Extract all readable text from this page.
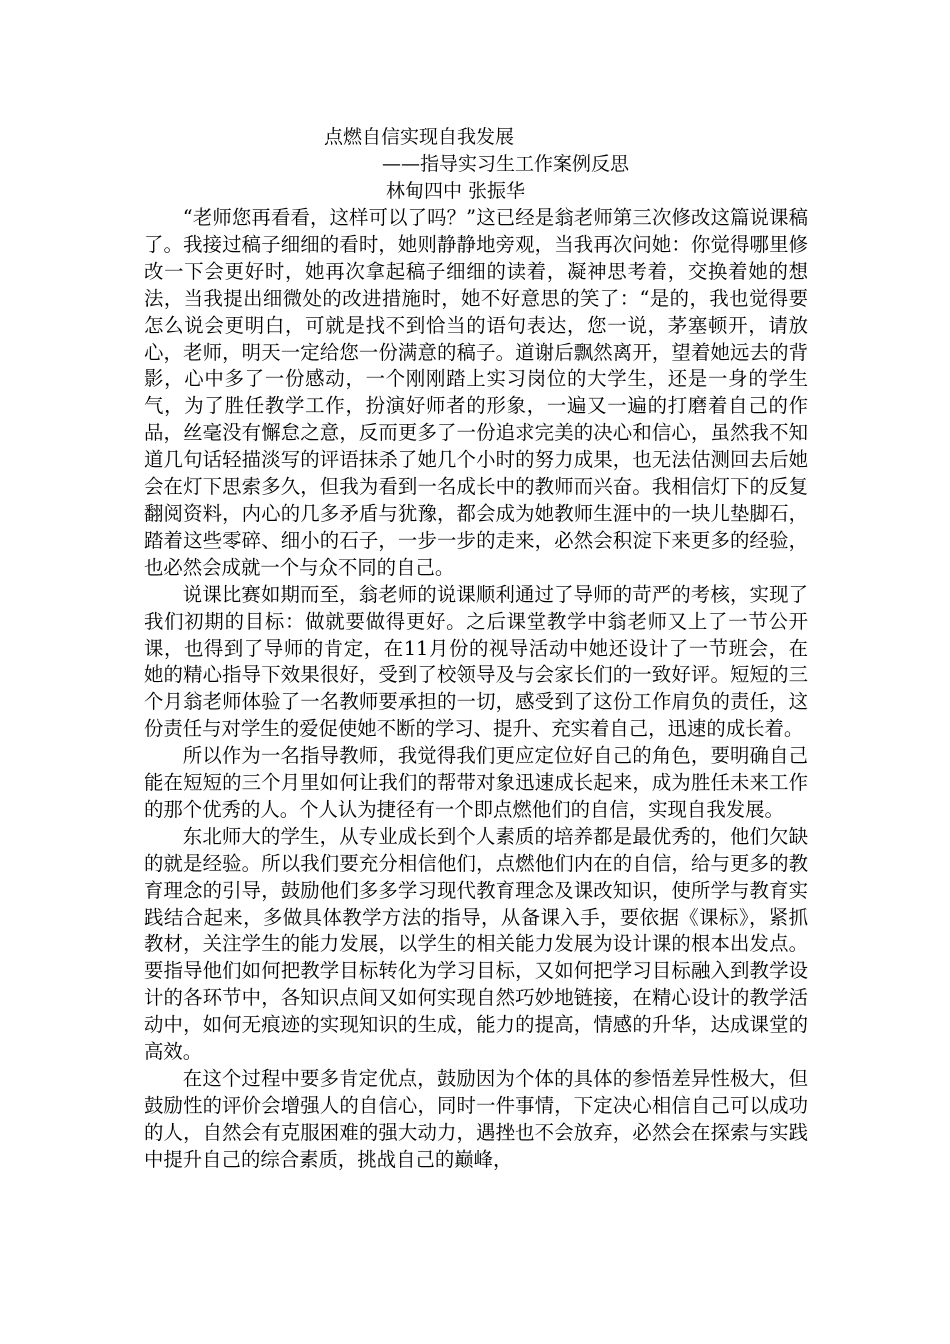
点燃自信实现自我发展
——指导实习生工作案例反思
林甸四中 张振华

“老师您再看看，这样可以了吗？”这已经是翁老师第三次修改这篇说课稿了。我接过稿子细细的看时，她则静静地旁观，当我再次问她：你觉得哪里修改一下会更好时，她再次拿起稿子细细的读着，凝神思考着，交换着她的想法，当我提出细微处的改进措施时，她不好意思的笑了：“是的，我也觉得要怎么说会更明白，可就是找不到恰当的语句表达，您一说，茅塞顿开，请放心，老师，明天一定给您一份满意的稿子。道谢后飘然离开，望着她远去的背影，心中多了一份感动，一个刚刚踏上实习岗位的大学生，还是一身的学生气，为了胜任教学工作，扮演好师者的形象，一遍又一遍的打磨着自己的作品，丝毫没有懈怠之意，反而更多了一份追求完美的决心和信心，虽然我不知道几句话轻描淡写的评语抹杀了她几个小时的努力成果，也无法估测回去后她会在灯下思索多久，但我为看到一名成长中的教师而兴奋。我相信灯下的反复翻阅资料，内心的几多矛盾与犹豫，都会成为她教师生涯中的一块儿垫脚石，踏着这些零碎、细小的石子，一步一步的走来，必然会积淀下来更多的经验，也必然会成就一个与众不同的自己。

说课比赛如期而至，翁老师的说课顺利通过了导师的苛严的考核，实现了我们初期的目标：做就要做得更好。之后课堂教学中翁老师又上了一节公开课，也得到了导师的肯定，在11月份的视导活动中她还设计了一节班会，在她的精心指导下效果很好，受到了校领导及与会家长们的一致好评。短短的三个月翁老师体验了一名教师要承担的一切，感受到了这份工作肩负的责任，这份责任与对学生的爱促使她不断的学习、提升、充实着自己，迅速的成长着。

所以作为一名指导教师，我觉得我们更应定位好自己的角色，要明确自己能在短短的三个月里如何让我们的帮带对象迅速成长起来，成为胜任未来工作的那个优秀的人。个人认为捷径有一个即点燃他们的自信，实现自我发展。

东北师大的学生，从专业成长到个人素质的培养都是最优秀的，他们欠缺的就是经验。所以我们要充分相信他们，点燃他们内在的自信，给与更多的教育理念的引导，鼓励他们多多学习现代教育理念及课改知识，使所学与教育实践结合起来，多做具体教学方法的指导，从备课入手，要依据《课标》，紧抓教材，关注学生的能力发展，以学生的相关能力发展为设计课的根本出发点。要指导他们如何把教学目标转化为学习目标，又如何把学习目标融入到教学设计的各环节中，各知识点间又如何实现自然巧妙地链接，在精心设计的教学活动中，如何无痕迹的实现知识的生成，能力的提高，情感的升华，达成课堂的高效。

在这个过程中要多肯定优点，鼓励因为个体的具体的参悟差异性极大，但鼓励性的评价会增强人的自信心，同时一件事情，下定决心相信自己可以成功的人，自然会有克服困难的强大动力，遇挫也不会放弃，必然会在探索与实践中提升自己的综合素质，挑战自己的巅峰，
